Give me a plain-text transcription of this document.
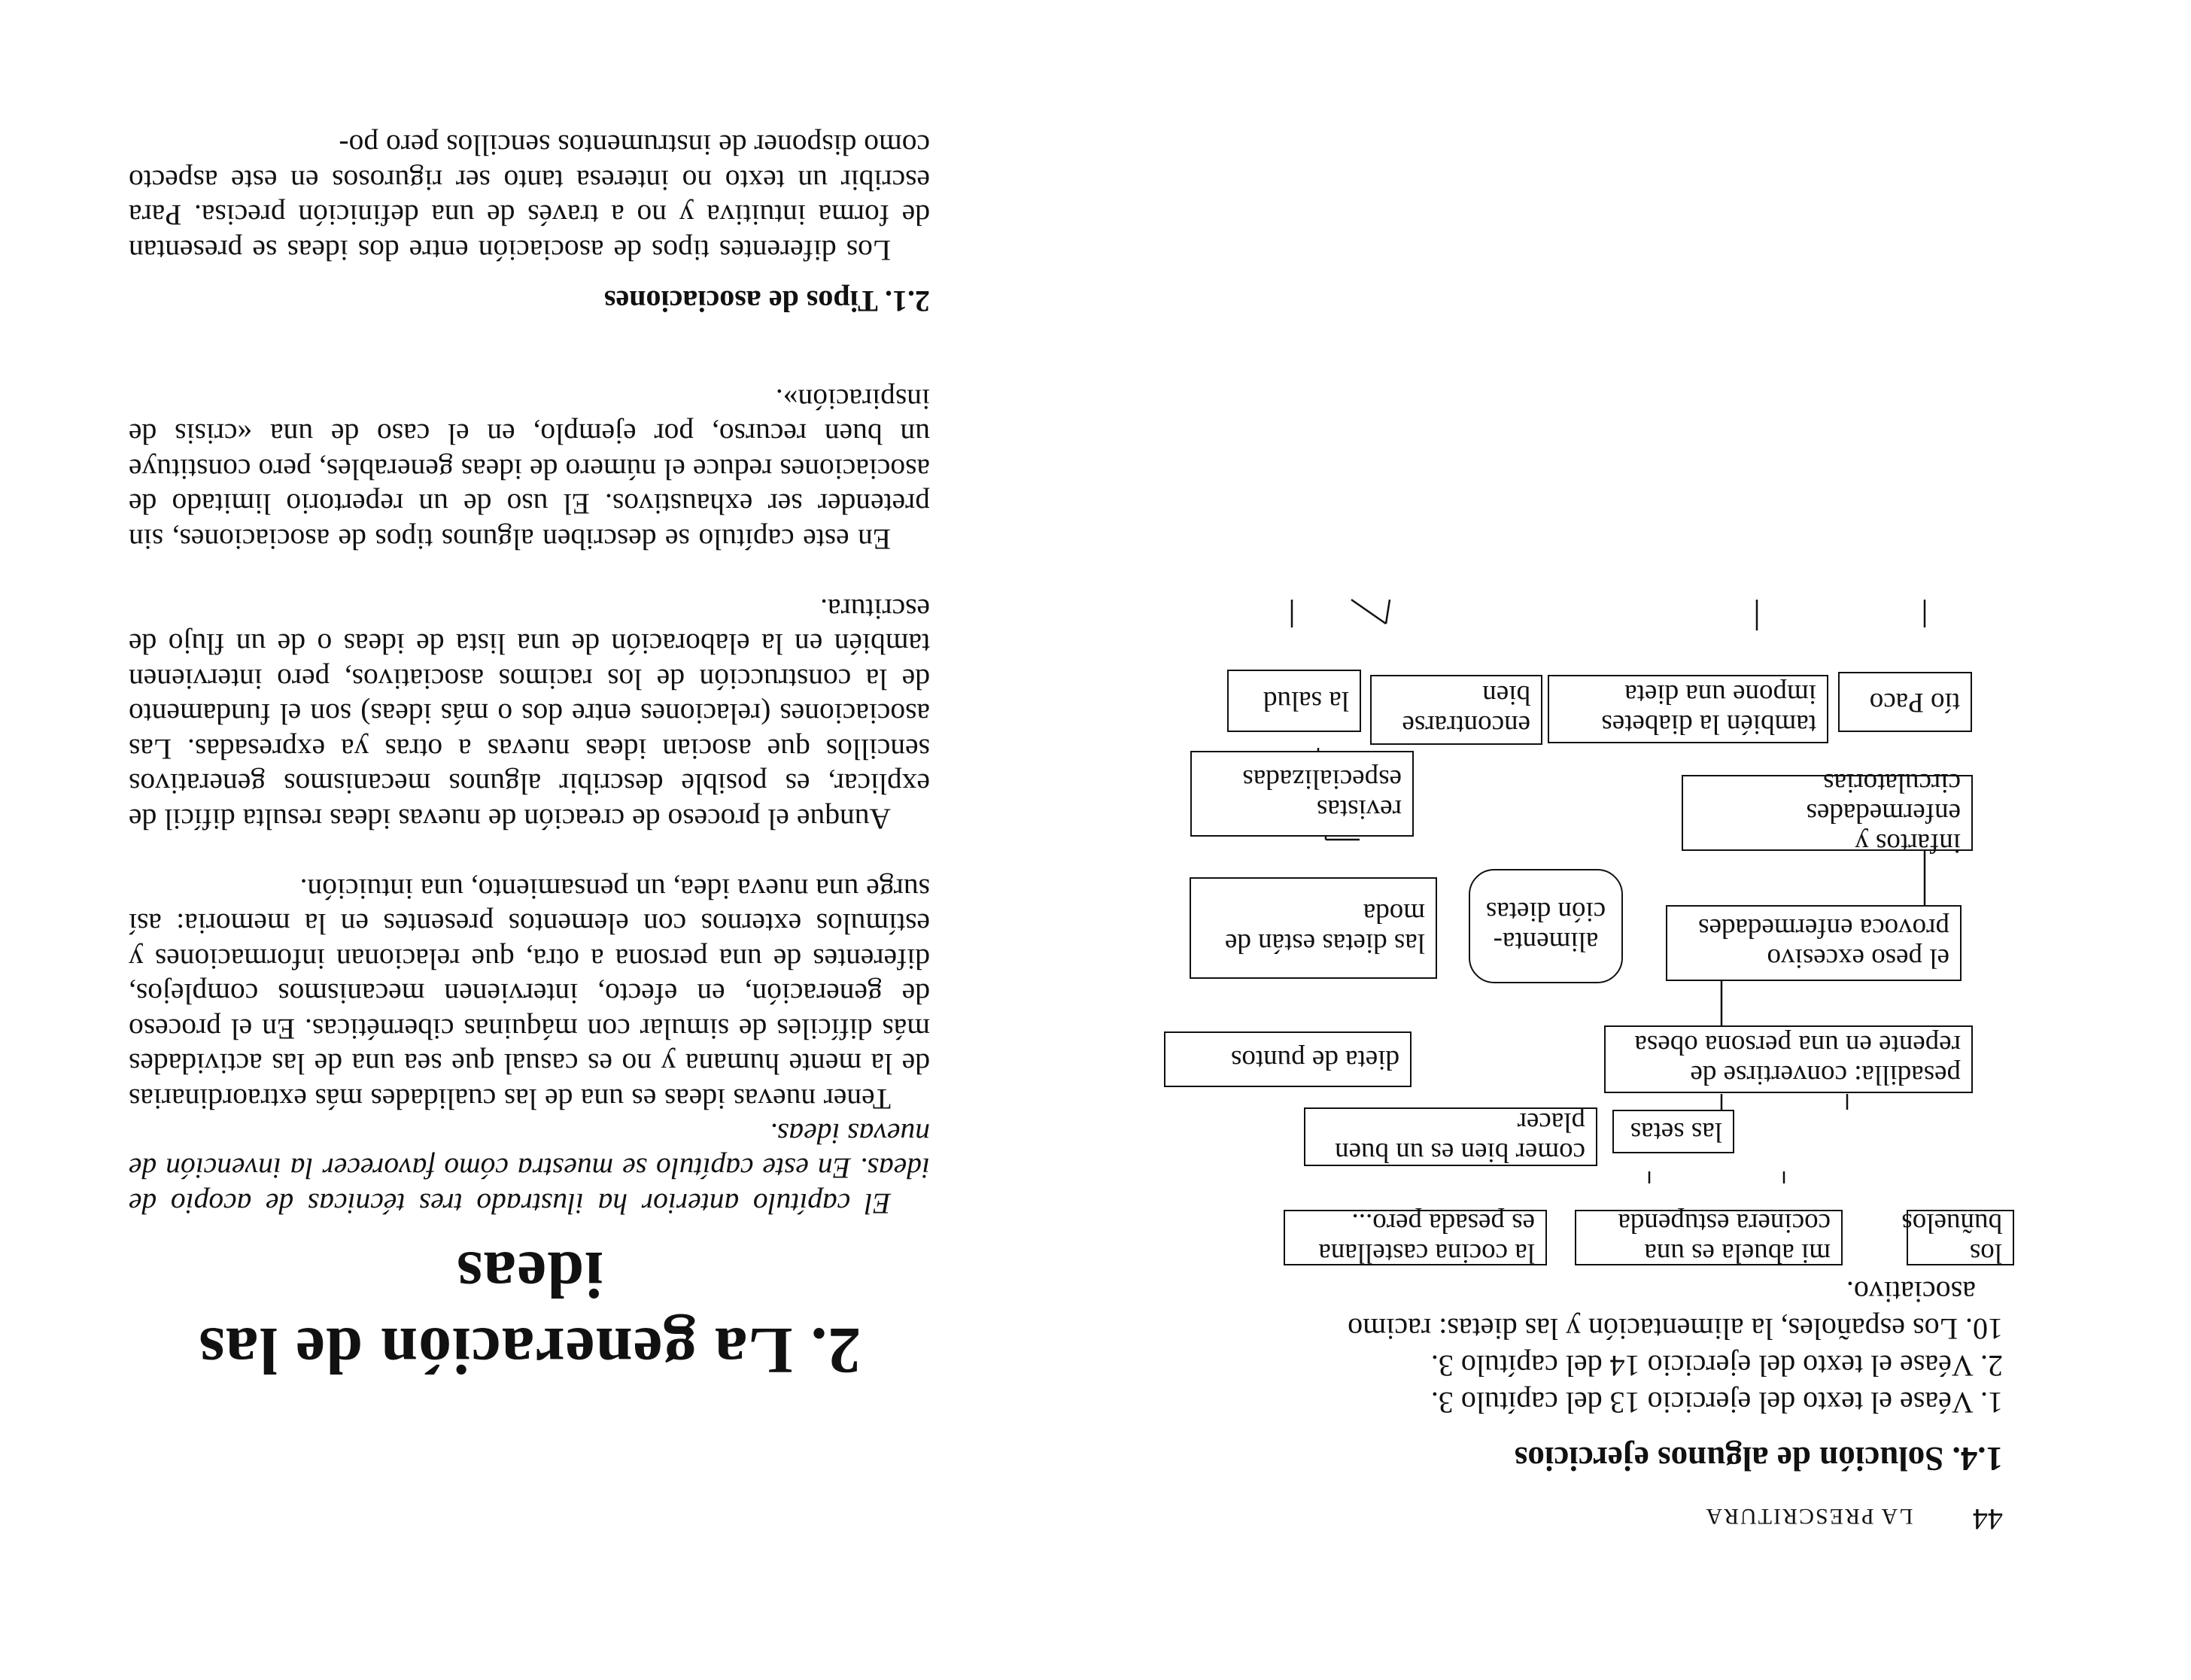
44 LA PRESCRITURA
1.4. Solución de algunos ejercicios
1. Véase el texto del ejercicio 13 del capítulo 3.
2. Véase el texto del ejercicio 14 del capítulo 3.
10. Los españoles, la alimentación y las dietas: racimo asociativo.
los buñuelos
mi abuela es una cocinera estupenda
la cocina castellana es pesada pero...
las setas
comer bien es un buen placer
pesadilla: convertirse de repente en una persona obesa
dieta de puntos
el peso excesivo provoca enfermedades
alimenta-ción dietas
las dietas están de moda
infartos y enfermedades circulatorias
revistas especializadas
tío Paco
también la diabetes impone una dieta
encontrarse bien
la salud
2. La generación de las ideas

El capítulo anterior ha ilustrado tres técnicas de acopio de ideas. En este capítulo se muestra cómo favorecer la invención de nuevas ideas.

Tener nuevas ideas es una de las cualidades más extraordinarias de la mente humana y no es casual que sea una de las actividades más difíciles de simular con máquinas cibernéticas. En el proceso de generación, en efecto, intervienen mecanismos complejos, diferentes de una persona a otra, que relacionan informaciones y estímulos externos con elementos presentes en la memoria: así surge una nueva idea, un pensamiento, una intuición.

Aunque el proceso de creación de nuevas ideas resulta difícil de explicar, es posible describir algunos mecanismos generativos sencillos que asocian ideas nuevas a otras ya expresadas. Las asociaciones (relaciones entre dos o más ideas) son el fundamento de la construcción de los racimos asociativos, pero intervienen también en la elaboración de una lista de ideas o de un flujo de escritura.

En este capítulo se describen algunos tipos de asociaciones, sin pretender ser exhaustivos. El uso de un repertorio limitado de asociaciones reduce el número de ideas generables, pero constituye un buen recurso, por ejemplo, en el caso de una «crisis de inspiración».

2.1. Tipos de asociaciones

Los diferentes tipos de asociación entre dos ideas se presentan de forma intuitiva y no a través de una definición precisa. Para escribir un texto no interesa tanto ser rigurosos en este aspecto como disponer de instrumentos sencillos pero po-
